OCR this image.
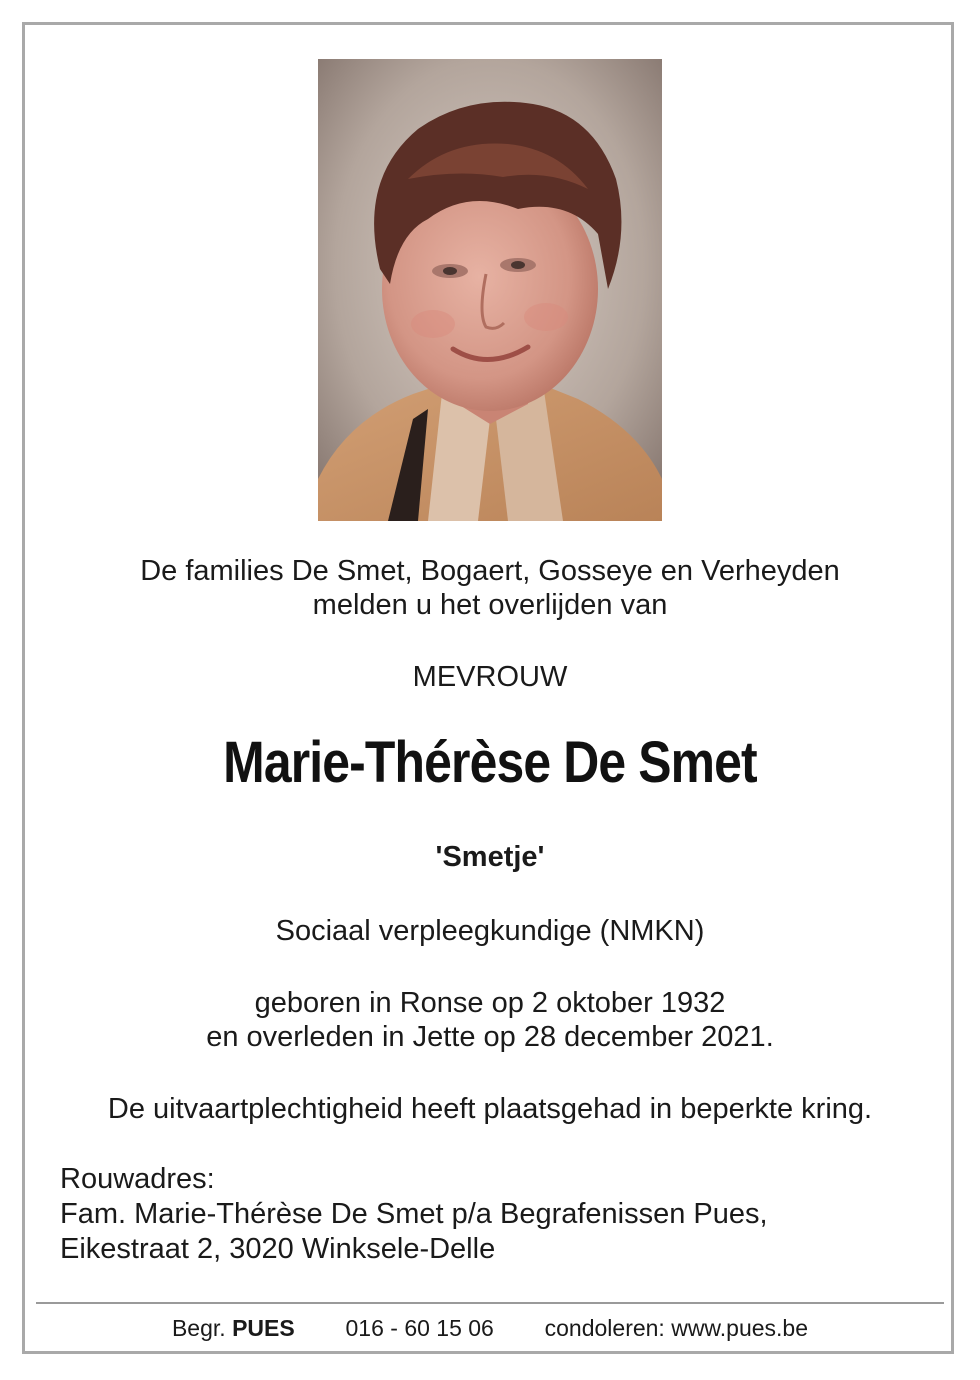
De families De Smet, Bogaert, Gosseye en Verheyden
melden u het overlijden van
MEVROUW
Marie-Thérèse De Smet
'Smetje'
Sociaal verpleegkundige (NMKN)
geboren in Ronse op 2 oktober 1932
en overleden in Jette op 28 december 2021.
De uitvaartplechtigheid heeft plaatsgehad in beperkte kring.
Rouwadres:
Fam. Marie-Thérèse De Smet p/a Begrafenissen Pues,
Eikestraat 2, 3020 Winksele-Delle
Begr. PUES 016 - 60 15 06 condoleren: www.pues.be
